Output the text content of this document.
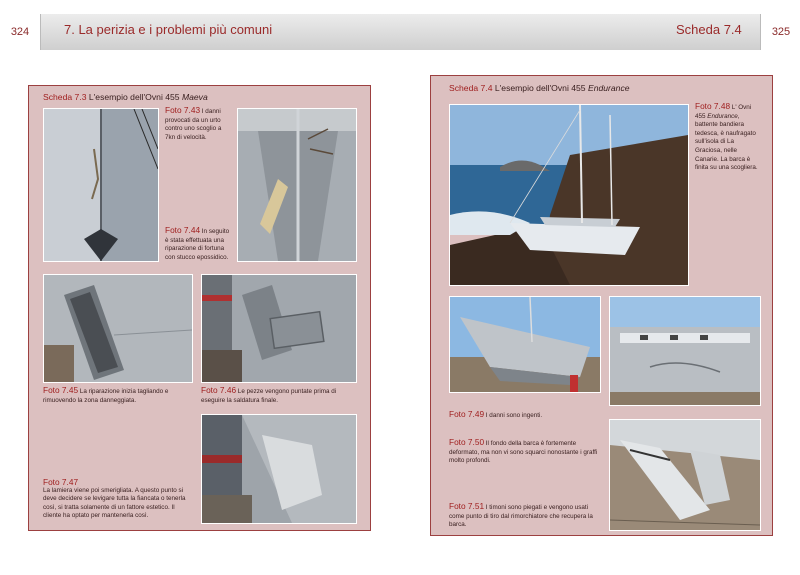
324	325
7. La perizia e i problemi più comuni	Scheda 7.4
Scheda 7.3 L'esempio dell'Ovni 455 Maeva
Foto 7.43 I danni provocati da un urto contro uno scoglio a 7kn di velocità.
Foto 7.44 In seguito è stata effettuata una riparazione di fortuna con stucco epossidico.
Foto 7.45 La riparazione inizia tagliando e rimuovendo la zona danneggiata.
Foto 7.46 Le pezze vengono puntate prima di eseguire la saldatura finale.
Foto 7.47
La lamiera viene poi smerigliata. A questo punto si deve decidere se levigare tutta la fiancata o tenerla così, si tratta solamente di un fattore estetico. Il cliente ha optato per mantenerla così.
Scheda 7.4 L'esempio dell'Ovni 455 Endurance
Foto 7.48 L' Ovni 455 Endurance, battente bandiera tedesca, è naufragato sull'isola di La Graciosa, nelle Canarie. La barca è finita su una scogliera.
Foto 7.49 I danni sono ingenti.
Foto 7.50 Il fondo della barca è fortemente deformato, ma non vi sono squarci nonostante i graffi molto profondi.
Foto 7.51 I timoni sono piegati e vengono usati come punto di tiro dal rimorchiatore che recupera la barca.
